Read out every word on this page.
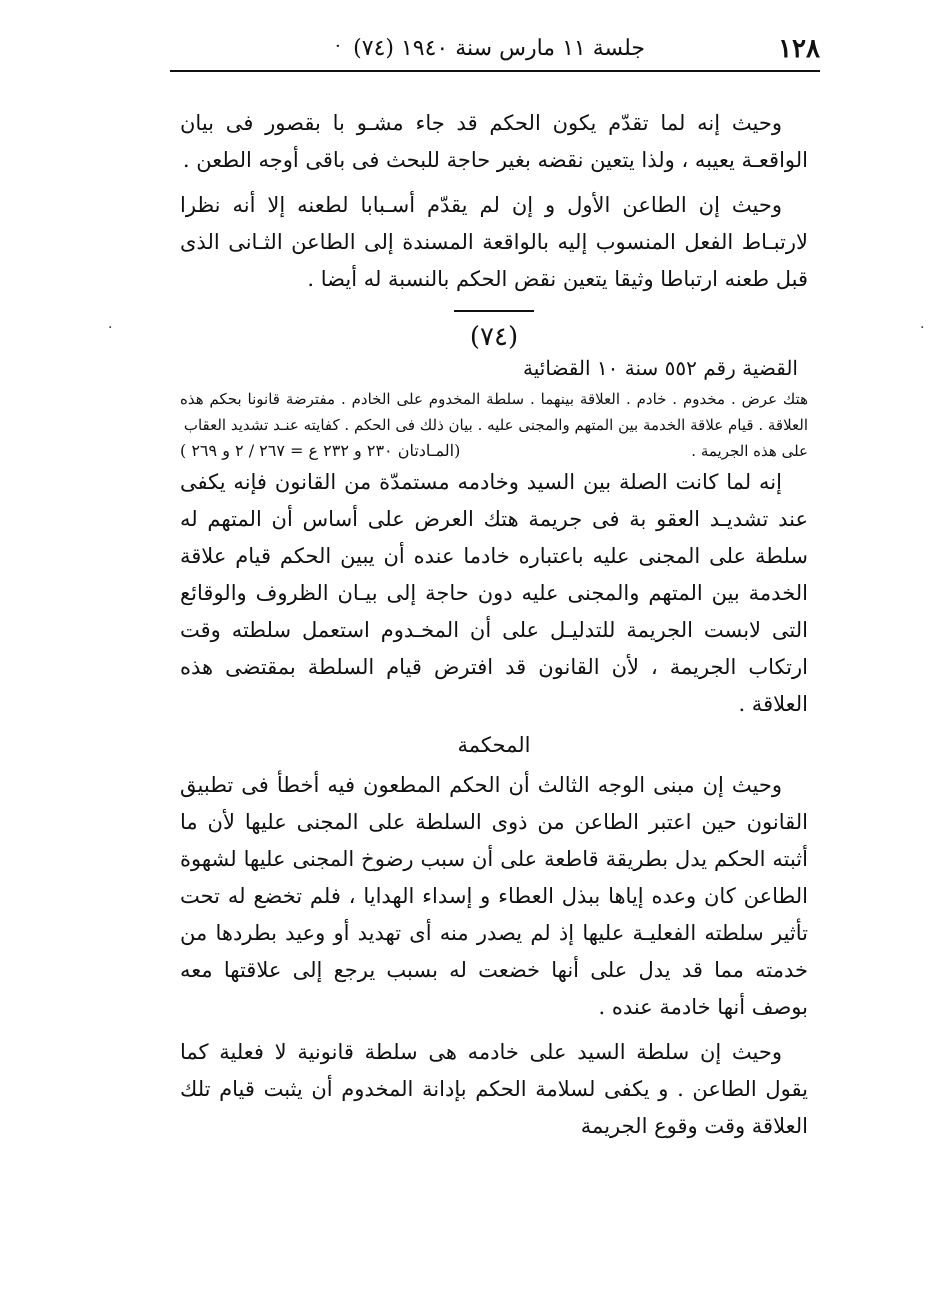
١٢٨
جلسة ١١ مارس سنة ١٩٤٠ (٧٤)
·

وحيث إنه لما تقدّم يكون الحكم قد جاء مشـو با بقصور فى بيان الواقعـة يعيبه ، ولذا يتعين نقضه بغير حاجة للبحث فى باقى أوجه الطعن .

وحيث إن الطاعن الأول و إن لم يقدّم أسـبابا لطعنه إلا أنه نظرا لارتبـاط الفعل المنسوب إليه بالواقعة المسندة إلى الطاعن الثـانى الذى قبل طعنه ارتباطا وثيقا يتعين نقض الحكم بالنسبة له أيضا .

(٧٤)

القضية رقم ٥٥٢ سنة ١٠ القضائية

هتك عرض . مخدوم . خادم . العلاقة بينهما . سلطة المخدوم على الخادم . مفترضة قانونا بحكم هذه العلاقة . قيام علاقة الخدمة بين المتهم والمجنى عليه . بيان ذلك فى الحكم . كفايته عنـد تشديد العقاب

على هذه الجريمة .
(المـادتان ٢٣٠ و ٢٣٢ ع = ٢٦٧ / ٢ و ٢٦٩ )

إنه لما كانت الصلة بين السيد وخادمه مستمدّة من القانون فإنه يكفى عند تشديـد العقو بة فى جريمة هتك العرض على أساس أن المتهم له سلطة على المجنى عليه باعتباره خادما عنده أن يبين الحكم قيام علاقة الخدمة بين المتهم والمجنى عليه دون حاجة إلى بيـان الظروف والوقائع التى لابست الجريمة للتدليـل على أن المخـدوم استعمل سلطته وقت ارتكاب الجريمة ، لأن القانون قد افترض قيام السلطة بمقتضى هذه العلاقة .

المحكمة

وحيث إن مبنى الوجه الثالث أن الحكم المطعون فيه أخطأ فى تطبيق القانون حين اعتبر الطاعن من ذوى السلطة على المجنى عليها لأن ما أثبته الحكم يدل بطريقة قاطعة على أن سبب رضوخ المجنى عليها لشهوة الطاعن كان وعده إياها ببذل العطاء و إسداء الهدايا ، فلم تخضع له تحت تأثير سلطته الفعليـة عليها إذ لم يصدر منه أى تهديد أو وعيد بطردها من خدمته مما قد يدل على أنها خضعت له بسبب يرجع إلى علاقتها معه بوصف أنها خادمة عنده .

وحيث إن سلطة السيد على خادمه هى سلطة قانونية لا فعلية كما يقول الطاعن . و يكفى لسلامة الحكم بإدانة المخدوم أن يثبت قيام تلك العلاقة وقت وقوع الجريمة

·	·
